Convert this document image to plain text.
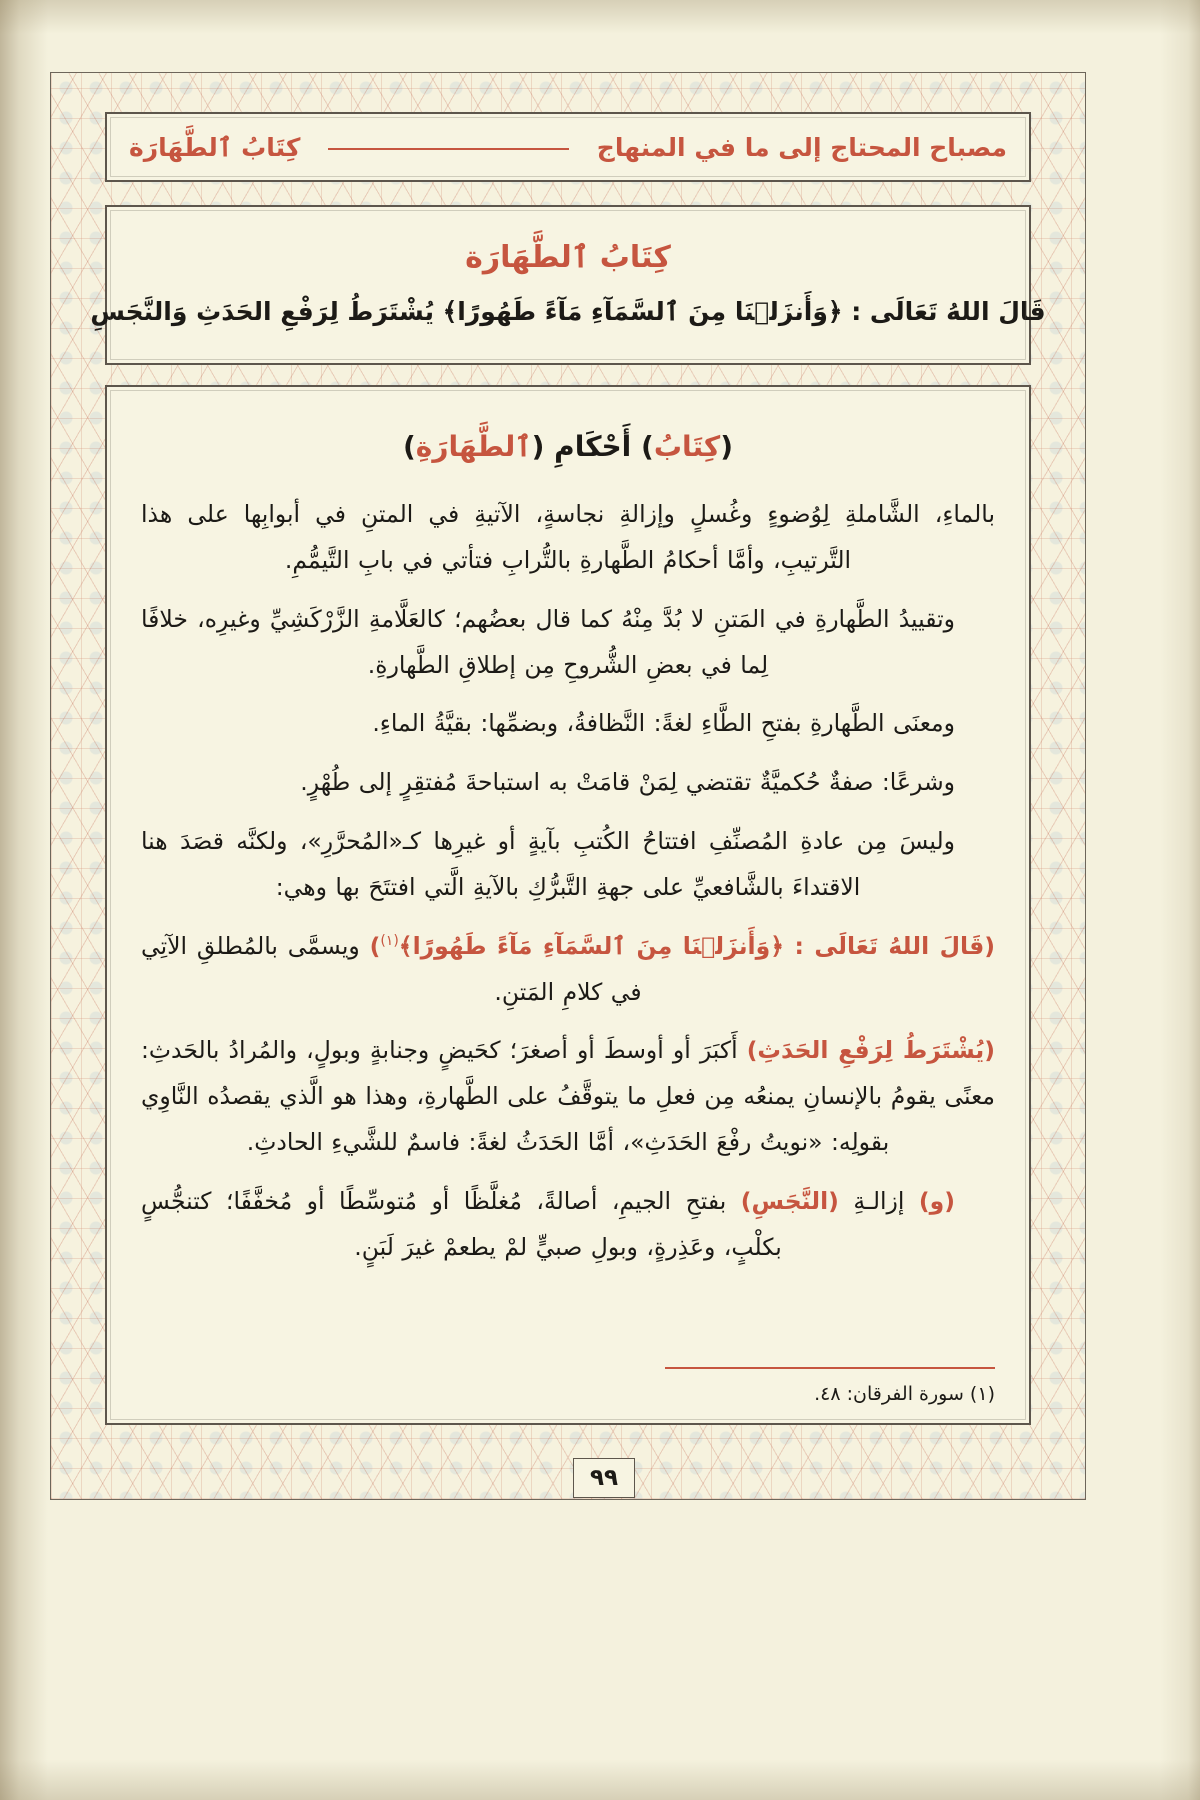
مصباح المحتاج إلى ما في المنهاج
كِتَابُ ٱلطَّهَارَة
كِتَابُ ٱلطَّهَارَة
قَالَ اللهُ تَعَالَى : ﴿وَأَنزَلۡنَا مِنَ ٱلسَّمَآءِ مَآءً طَهُورًا﴾ يُشْتَرَطُ لِرَفْعِ الحَدَثِ وَالنَّجَسِ
(كِتَابُ) أَحْكَامِ (ٱلطَّهَارَةِ)

بالماءِ، الشَّاملةِ لِوُضوءٍ وغُسلٍ وإزالةِ نجاسةٍ، الآتيةِ في المتنِ في أبوابِها على هذا التَّرتيبِ، وأمَّا أحكامُ الطَّهارةِ بالتُّرابِ فتأتي في بابِ التَّيمُّمِ.

وتقييدُ الطَّهارةِ في المَتنِ لا بُدَّ مِنْهُ كما قال بعضُهم؛ كالعَلَّامةِ الزَّرْكَشِيِّ وغيرِه، خلافًا لِما في بعضِ الشُّروحِ مِن إطلاقِ الطَّهارةِ.

ومعنَى الطَّهارةِ بفتحِ الطَّاءِ لغةً: النَّظافةُ، وبضمِّها: بقيَّةُ الماءِ.

وشرعًا: صفةٌ حُكميَّةٌ تقتضي لِمَنْ قامَتْ به استباحةَ مُفتقِرٍ إلى طُهْرٍ.

وليسَ مِن عادةِ المُصنِّفِ افتتاحُ الكُتبِ بآيةٍ أو غيرِها كـ«المُحرَّرِ»، ولكنَّه قصَدَ هنا الاقتداءَ بالشَّافعيِّ على جهةِ التَّبرُّكِ بالآيةِ الَّتي افتتَحَ بها وهي:

(قَالَ اللهُ تَعَالَى : ﴿وَأَنزَلۡنَا مِنَ ٱلسَّمَآءِ مَآءً طَهُورًا﴾$^{(١)}$) ويسمَّى بالمُطلقِ الآتِي في كلامِ المَتنِ.

(يُشْتَرَطُ لِرَفْعِ الحَدَثِ) أَكبَرَ أو أوسطَ أو أصغرَ؛ كحَيضٍ وجنابةٍ وبولٍ، والمُرادُ بالحَدثِ: معنًى يقومُ بالإنسانِ يمنعُه مِن فعلِ ما يتوقَّفُ على الطَّهارةِ، وهذا هو الَّذي يقصدُه النَّاوِي بقولِه: «نويتُ رفْعَ الحَدَثِ»، أمَّا الحَدَثُ لغةً: فاسمٌ للشَّيءِ الحادثِ.

(و) إزالـةِ (النَّجَسِ) بفتحِ الجيمِ، أصالةً، مُغلَّظًا أو مُتوسِّطًا أو مُخفَّفًا؛ كتنجُّسٍ بكلْبٍ، وعَذِرةٍ، وبولِ صبيٍّ لمْ يطعمْ غيرَ لَبَنٍ.

(١) سورة الفرقان: ٤٨.
٩٩
